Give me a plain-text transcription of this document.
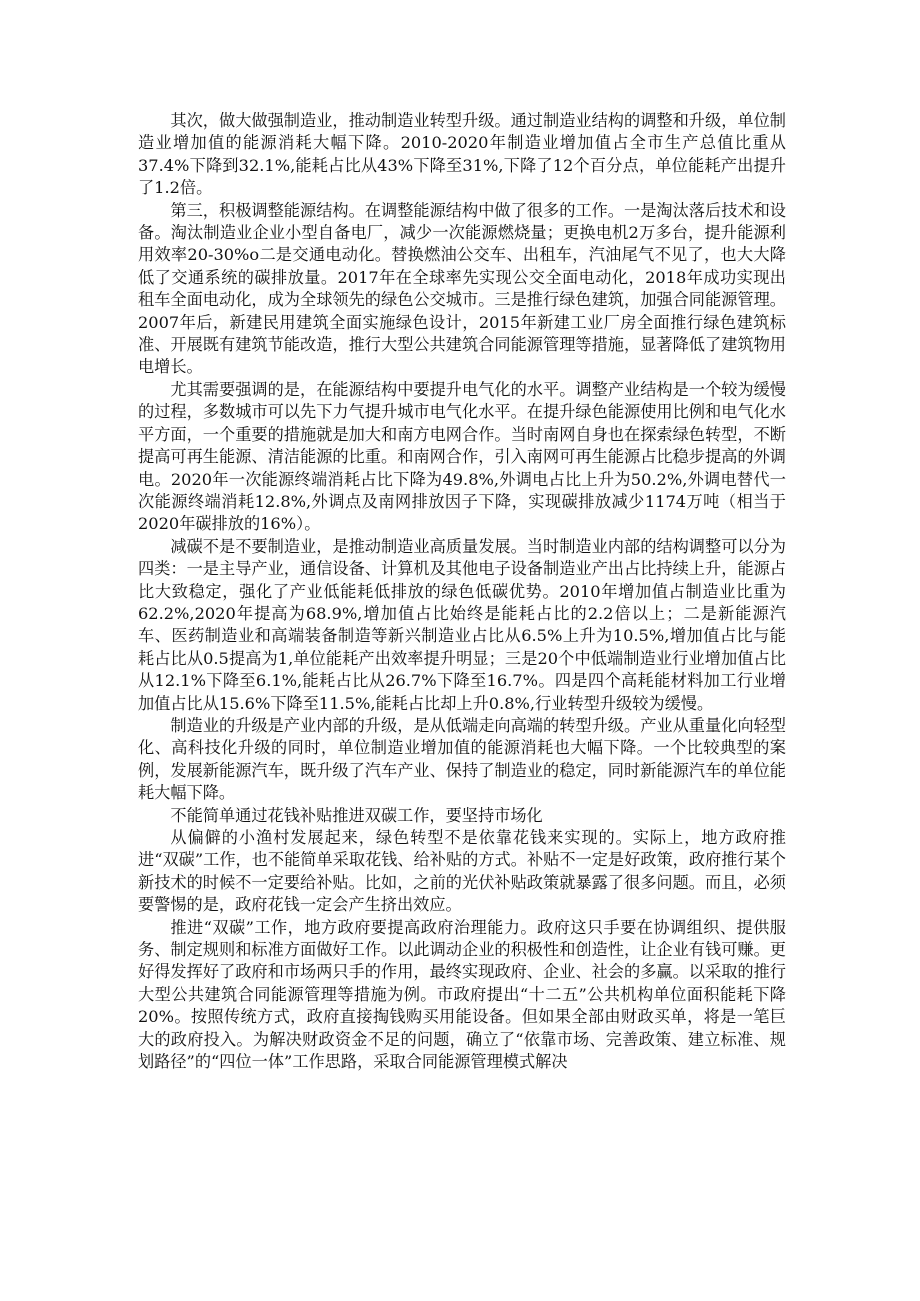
其次，做大做强制造业，推动制造业转型升级。通过制造业结构的调整和升级，单位制造业增加值的能源消耗大幅下降。2010-2020年制造业增加值占全市生产总值比重从37.4%下降到32.1%,能耗占比从43%下降至31%,下降了12个百分点，单位能耗产出提升了1.2倍。

第三，积极调整能源结构。在调整能源结构中做了很多的工作。一是淘汰落后技术和设备。淘汰制造业企业小型自备电厂，减少一次能源燃烧量；更换电机2万多台，提升能源利用效率20-30%o二是交通电动化。替换燃油公交车、出租车，汽油尾气不见了，也大大降低了交通系统的碳排放量。2017年在全球率先实现公交全面电动化，2018年成功实现出租车全面电动化，成为全球领先的绿色公交城市。三是推行绿色建筑，加强合同能源管理。2007年后，新建民用建筑全面实施绿色设计，2015年新建工业厂房全面推行绿色建筑标准、开展既有建筑节能改造，推行大型公共建筑合同能源管理等措施，显著降低了建筑物用电增长。

尤其需要强调的是，在能源结构中要提升电气化的水平。调整产业结构是一个较为缓慢的过程，多数城市可以先下力气提升城市电气化水平。在提升绿色能源使用比例和电气化水平方面，一个重要的措施就是加大和南方电网合作。当时南网自身也在探索绿色转型，不断提高可再生能源、清洁能源的比重。和南网合作，引入南网可再生能源占比稳步提高的外调电。2020年一次能源终端消耗占比下降为49.8%,外调电占比上升为50.2%,外调电替代一次能源终端消耗12.8%,外调点及南网排放因子下降，实现碳排放减少1174万吨（相当于2020年碳排放的16%）。

减碳不是不要制造业，是推动制造业高质量发展。当时制造业内部的结构调整可以分为四类：一是主导产业，通信设备、计算机及其他电子设备制造业产出占比持续上升，能源占比大致稳定，强化了产业低能耗低排放的绿色低碳优势。2010年增加值占制造业比重为62.2%,2020年提高为68.9%,增加值占比始终是能耗占比的2.2倍以上；二是新能源汽车、医药制造业和高端装备制造等新兴制造业占比从6.5%上升为10.5%,增加值占比与能耗占比从0.5提高为1,单位能耗产出效率提升明显；三是20个中低端制造业行业增加值占比从12.1%下降至6.1%,能耗占比从26.7%下降至16.7%。四是四个高耗能材料加工行业增加值占比从15.6%下降至11.5%,能耗占比却上升0.8%,行业转型升级较为缓慢。

制造业的升级是产业内部的升级，是从低端走向高端的转型升级。产业从重量化向轻型化、高科技化升级的同时，单位制造业增加值的能源消耗也大幅下降。一个比较典型的案例，发展新能源汽车，既升级了汽车产业、保持了制造业的稳定，同时新能源汽车的单位能耗大幅下降。

不能简单通过花钱补贴推进双碳工作，要坚持市场化

从偏僻的小渔村发展起来，绿色转型不是依靠花钱来实现的。实际上，地方政府推进“双碳”工作，也不能简单采取花钱、给补贴的方式。补贴不一定是好政策，政府推行某个新技术的时候不一定要给补贴。比如，之前的光伏补贴政策就暴露了很多问题。而且，必须要警惕的是，政府花钱一定会产生挤出效应。

推进“双碳”工作，地方政府要提高政府治理能力。政府这只手要在协调组织、提供服务、制定规则和标准方面做好工作。以此调动企业的积极性和创造性，让企业有钱可赚。更好得发挥好了政府和市场两只手的作用，最终实现政府、企业、社会的多赢。以采取的推行大型公共建筑合同能源管理等措施为例。市政府提出“十二五”公共机构单位面积能耗下降20%。按照传统方式，政府直接掏钱购买用能设备。但如果全部由财政买单，将是一笔巨大的政府投入。为解决财政资金不足的问题，确立了“依靠市场、完善政策、建立标准、规划路径”的“四位一体”工作思路，采取合同能源管理模式解决
